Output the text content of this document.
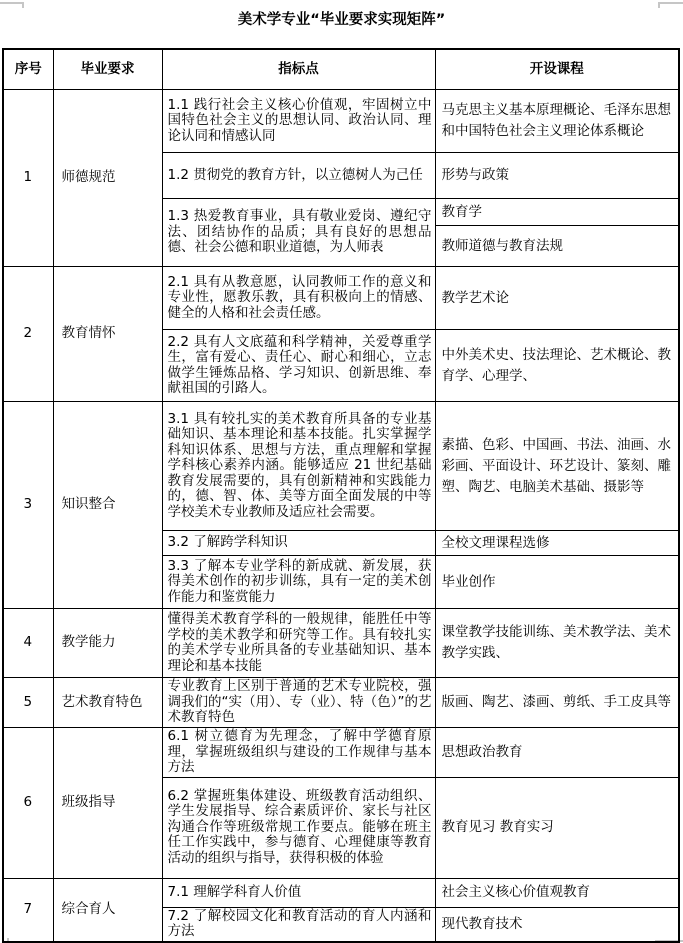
美术学专业“毕业要求实现矩阵”
序号	毕业要求	指标点	开设课程
1	师德规范	1.1 践行社会主义核心价值观，牢固树立中国特色社会主义的思想认同、政治认同、理论认同和情感认同	马克思主义基本原理概论、毛泽东思想和中国特色社会主义理论体系概论
		1.2 贯彻党的教育方针，以立德树人为己任	形势与政策
		1.3 热爱教育事业，具有敬业爱岗、遵纪守法、团结协作的品质；具有良好的思想品德、社会公德和职业道德，为人师表	教育学
			教师道德与教育法规
2	教育情怀	2.1 具有从教意愿，认同教师工作的意义和专业性，愿教乐教，具有积极向上的情感、健全的人格和社会责任感。	教学艺术论
		2.2 具有人文底蕴和科学精神，关爱尊重学生，富有爱心、责任心、耐心和细心，立志做学生锤炼品格、学习知识、创新思维、奉献祖国的引路人。	中外美术史、技法理论、艺术概论、教育学、心理学、
3	知识整合	3.1 具有较扎实的美术教育所具备的专业基础知识、基本理论和基本技能。扎实掌握学科知识体系、思想与方法，重点理解和掌握学科核心素养内涵。能够适应 21 世纪基础教育发展需要的，具有创新精神和实践能力的，德、智、体、美等方面全面发展的中等学校美术专业教师及适应社会需要。	素描、色彩、中国画、书法、油画、水彩画、平面设计、环艺设计、篆刻、雕塑、陶艺、电脑美术基础、摄影等
		3.2 了解跨学科知识	全校文理课程选修
		3.3 了解本专业学科的新成就、新发展，获得美术创作的初步训练，具有一定的美术创作能力和鉴赏能力	毕业创作
4	教学能力	懂得美术教育学科的一般规律，能胜任中等学校的美术教学和研究等工作。具有较扎实的美术学专业所具备的专业基础知识、基本理论和基本技能	课堂教学技能训练、美术教学法、美术教学实践、
5	艺术教育特色	专业教育上区别于普通的艺术专业院校，强调我们的“实（用）、专（业）、特（色）”的艺术教育特色	版画、陶艺、漆画、剪纸、手工皮具等
6	班级指导	6.1 树立德育为先理念，了解中学德育原理，掌握班级组织与建设的工作规律与基本方法	思想政治教育
		6.2 掌握班集体建设、班级教育活动组织、学生发展指导、综合素质评价、家长与社区沟通合作等班级常规工作要点。能够在班主任工作实践中，参与德育、心理健康等教育活动的组织与指导，获得积极的体验	教育见习 教育实习
7	综合育人	7.1 理解学科育人价值	社会主义核心价值观教育
		7.2 了解校园文化和教育活动的育人内涵和方法	现代教育技术
